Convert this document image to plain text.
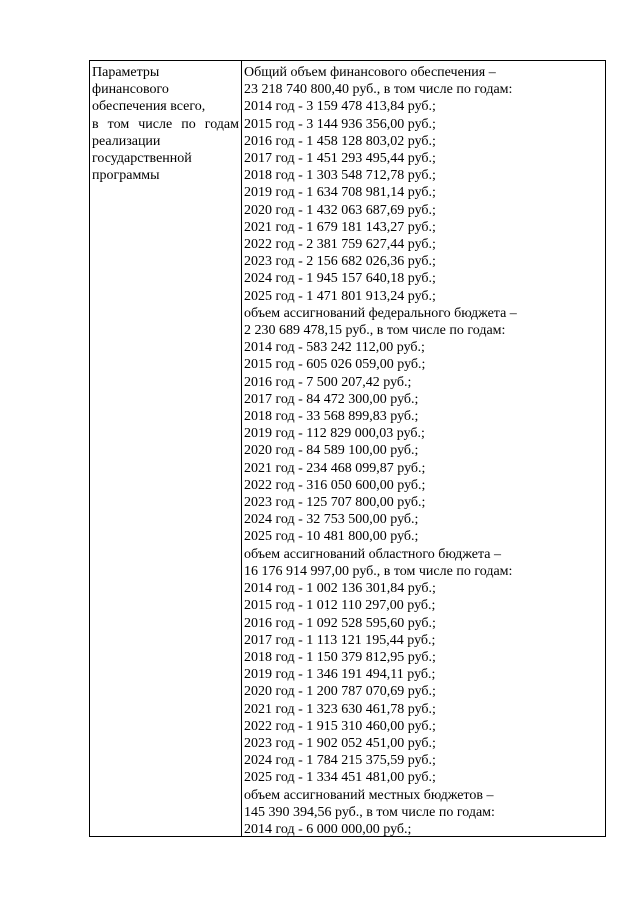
Параметры
финансового
обеспечения всего,
в том числе по годам
реализации
государственной
программы
Общий объем финансового обеспечения –
23 218 740 800,40 руб., в том числе по годам:
2014 год - 3 159 478 413,84 руб.;
2015 год - 3 144 936 356,00 руб.;
2016 год - 1 458 128 803,02 руб.;
2017 год - 1 451 293 495,44 руб.;
2018 год - 1 303 548 712,78 руб.;
2019 год - 1 634 708 981,14 руб.;
2020 год - 1 432 063 687,69 руб.;
2021 год - 1 679 181 143,27 руб.;
2022 год - 2 381 759 627,44 руб.;
2023 год - 2 156 682 026,36 руб.;
2024 год - 1 945 157 640,18 руб.;
2025 год - 1 471 801 913,24 руб.;
объем ассигнований федерального бюджета –
2 230 689 478,15 руб., в том числе по годам:
2014 год - 583 242 112,00 руб.;
2015 год - 605 026 059,00 руб.;
2016 год - 7 500 207,42 руб.;
2017 год - 84 472 300,00 руб.;
2018 год - 33 568 899,83 руб.;
2019 год - 112 829 000,03 руб.;
2020 год - 84 589 100,00 руб.;
2021 год - 234 468 099,87 руб.;
2022 год - 316 050 600,00 руб.;
2023 год - 125 707 800,00 руб.;
2024 год - 32 753 500,00 руб.;
2025 год - 10 481 800,00 руб.;
объем ассигнований областного бюджета –
16 176 914 997,00 руб., в том числе по годам:
2014 год - 1 002 136 301,84 руб.;
2015 год - 1 012 110 297,00 руб.;
2016 год - 1 092 528 595,60 руб.;
2017 год - 1 113 121 195,44 руб.;
2018 год - 1 150 379 812,95 руб.;
2019 год - 1 346 191 494,11 руб.;
2020 год - 1 200 787 070,69 руб.;
2021 год - 1 323 630 461,78 руб.;
2022 год - 1 915 310 460,00 руб.;
2023 год - 1 902 052 451,00 руб.;
2024 год - 1 784 215 375,59 руб.;
2025 год - 1 334 451 481,00 руб.;
объем ассигнований местных бюджетов –
145 390 394,56 руб., в том числе по годам:
2014 год - 6 000 000,00 руб.;
